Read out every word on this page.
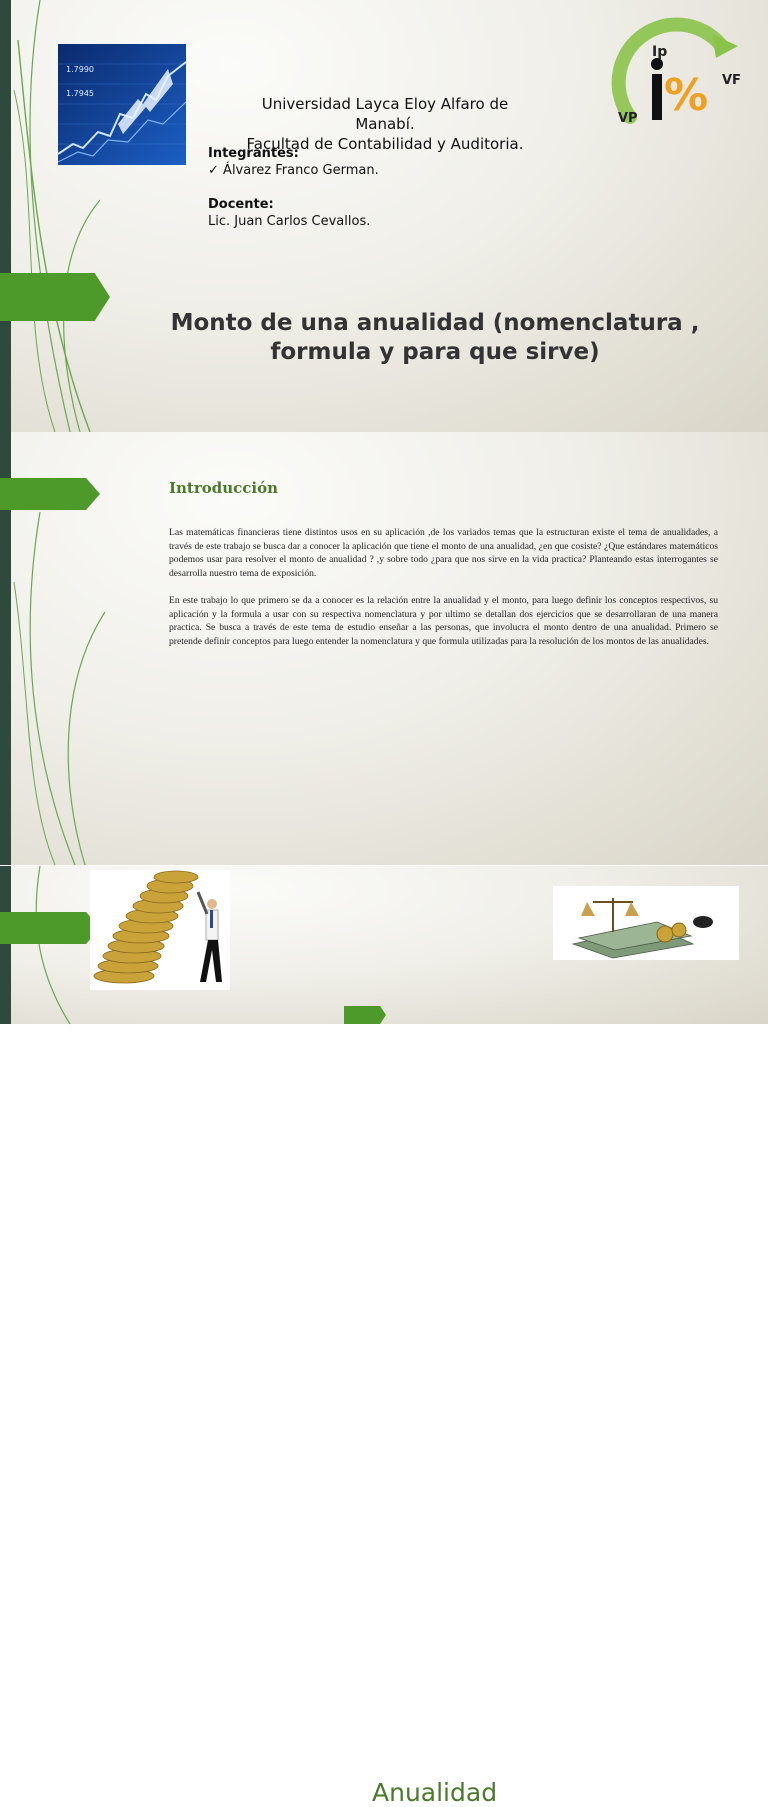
1.7990
1.7945	%
Ip
VP
VF
Universidad Layca Eloy Alfaro de Manabí.
Facultad de Contabilidad y Auditoria.
Integrantes:
✓ Álvarez Franco German.
Docente:
Lic. Juan Carlos Cevallos.
Monto de una anualidad (nomenclatura , formula y para que sirve)
Introducción
Las matemáticas financieras tiene distintos usos en su aplicación ,de los variados temas que la estructuran existe el tema de anualidades, a través de este trabajo se busca dar a conocer la aplicación que tiene el monto de una anualidad, ¿en que cosiste? ¿Que estándares matemáticos podemos usar para resolver el monto de anualidad ? ,y sobre todo ¿para que nos sirve en la vida practica? Planteando estas interrogantes se desarrolla nuestro tema de exposición.
En este trabajo lo que primero se da a conocer es la relación entre la anualidad y el monto, para luego definir los conceptos respectivos, su aplicación y la formula a usar con su respectiva nomenclatura y por ultimo se detallan dos ejercicios que se desarrollaran de una manera practica. Se busca a través de este tema de estudio enseñar a las personas, que involucra el monto dentro de una anualidad. Primero se pretende definir conceptos para luego entender la nomenclatura y que formula utilizadas para la resolución de los montos de las anualidades.
Anualidad
